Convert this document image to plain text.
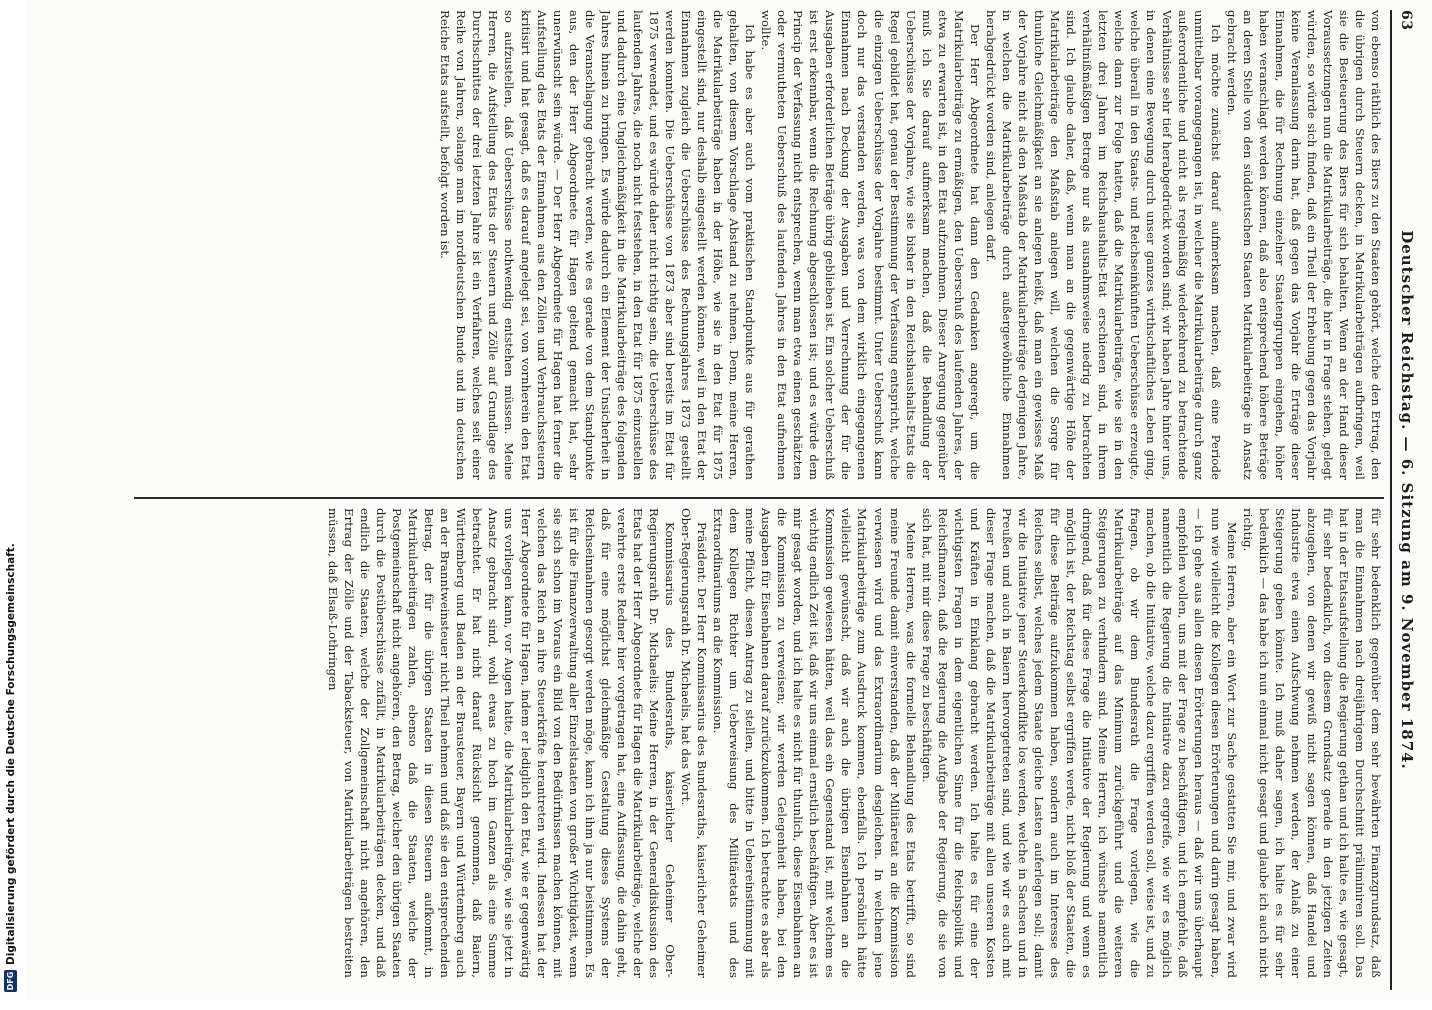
DFG
Digitalisierung gefördert durch die Deutsche Forschungsgemeinschaft.
63
Deutscher Reichstag. — 6. Sitzung am 9. November 1874.

von ebenso räthlich des Biers zu den Staaten gehört, welche den Ertrag, den die übrigen durch Steuern decken, in Matrikularbeiträgen aufbringen, weil sie die Besteuerung des Biers für sich behalten. Wenn an der Hand dieser Voraussetzungen nun die Matrikularbeiträge, die hier in Frage stehen, gelegt würden, so würde sich finden, daß ein Theil der Erhebung gegen das Vorjahr keine Veranlassung darin hat, daß gegen das Vorjahr die Erträge dieser Einnahmen, die für Rechnung einzelner Staatengruppen eingehen, höher haben veranschlagt werden können, daß also entsprechend höhere Beträge an deren Stelle von den süddeutschen Staaten Matrikularbeiträge in Ansatz gebracht werden.

Ich möchte zunächst darauf aufmerksam machen, daß eine Periode unmittelbar vorangegangen ist, in welcher die Matrikularbeiträge durch ganz außerordentliche und nicht als regelmäßig wiederkehrend zu betrachtende Verhältnisse sehr tief herabgedrückt worden sind; wir haben Jahre hinter uns, in denen eine Bewegung durch unser ganzes wirthschaftliches Leben ging, welche überall in den Staats- und Reichseinkünften Ueberschüsse erzeugte, welche dann zur Folge hatten, daß die Matrikularbeiträge, wie sie in den letzten drei Jahren im Reichshaushalts-Etat erschienen sind, in ihrem verhältnißmäßigen Betrage nur als ausnahmsweise niedrig zu betrachten sind. Ich glaube daher, daß, wenn man an die gegenwärtige Höhe der Matrikularbeiträge den Maßstab anlegen will, welchen die Sorge für thunliche Gleichmäßigkeit an sie anlegen heißt, daß man ein gewisses Maß der Vorjahre nicht als den Maßstab der Matrikularbeiträge derjenigen Jahre, in welchen die Matrikularbeiträge durch außergewöhnliche Einnahmen herabgedrückt worden sind, anlegen darf.

Der Herr Abgeordnete hat dann den Gedanken angeregt, um die Matrikularbeiträge zu ermäßigen, den Ueberschuß des laufenden Jahres, der etwa zu erwarten ist, in den Etat aufzunehmen. Dieser Anregung gegenüber muß ich Sie darauf aufmerksam machen, daß die Behandlung der Ueberschüsse der Vorjahre, wie sie bisher in den Reichshaushalts-Etats die Regel gebildet hat, genau der Bestimmung der Verfassung entspricht, welche die einzigen Ueberschüsse der Vorjahre bestimmt. Unter Ueberschuß kann doch nur das verstanden werden, was von dem wirklich eingegangenen Einnahmen nach Deckung der Ausgaben und Verrechnung der für die Ausgaben erforderlichen Beträge übrig geblieben ist. Ein solcher Ueberschuß ist erst erkennbar, wenn die Rechnung abgeschlossen ist; und es würde dem Princip der Verfassung nicht entsprechen, wenn man etwa einen geschätzten oder vermutheten Ueberschuß des laufenden Jahres in den Etat aufnehmen wollte.

Ich habe es aber auch vom praktischen Standpunkte aus für gerathen gehalten, von diesem Vorschlage Abstand zu nehmen. Denn, meine Herren, die Matrikularbeiträge haben in der Höhe, wie sie in den Etat für 1875 eingestellt sind, nur deshalb eingestellt werden können, weil in den Etat der Einnahmen zugleich die Ueberschüsse des Rechnungsjahres 1873 gestellt werden konnten. Die Ueberschüsse von 1873 aber sind bereits im Etat für 1875 verwendet, und es würde daher nicht richtig sein, die Ueberschüsse des laufenden Jahres, die noch nicht feststehen, in den Etat für 1875 einzustellen und dadurch eine Ungleichmäßigkeit in die Matrikularbeiträge des folgenden Jahres hinein zu bringen. Es würde dadurch ein Element der Unsicherheit in die Veranschlagung gebracht werden, wie es gerade von dem Standpunkte aus, den der Herr Abgeordnete für Hagen geltend gemacht hat, sehr unerwünscht sein würde. — Der Herr Abgeordnete für Hagen hat ferner die Aufstellung des Etats der Einnahmen aus den Zöllen und Verbrauchssteuern kritisirt und hat gesagt, daß es darauf angelegt sei, von vornherein den Etat so aufzustellen, daß Ueberschüsse nothwendig entstehen müssen. Meine Herren, die Aufstellung des Etats der Steuern und Zölle auf Grundlage des Durchschnittes der drei letzten Jahre ist ein Verfahren, welches seit einer Reihe von Jahren, solange man im norddeutschen Bunde und im deutschen Reiche Etats aufstellt, befolgt worden ist.

für sehr bedenklich gegenüber dem sehr bewährten Finanzgrundsatz, daß man die Einnahmen nach dreijährigem Durchschnitt präliminiren soll. Das hat in der Etatsaufstellung die Regierung gethan und ich halte es, wie gesagt, für sehr bedenklich, von diesem Grundsatz gerade in den jetzigen Zeiten abzugehen, von denen wir gewiß nicht sagen können, daß Handel und Industrie etwa einen Aufschwung nehmen werden, der Anlaß zu einer Steigerung geben könnte. Ich muß daher sagen, ich halte es für sehr bedenklich — das habe ich nun einmal nicht gesagt und glaube ich auch nicht richtig.

Meine Herren, aber ein Wort zur Sache gestatten Sie mir, und zwar wird nun wie vielleicht die Kollegen diesen Erörterungen und darin gesagt haben, — ich gehe aus allen diesen Erörterungen heraus — daß wir uns überhaupt empfehlen wollen, uns mit der Frage zu beschäftigen, und ich empfehle, daß namentlich die Regierung die Initiative dazu ergreife, wie wir es möglich machen, ob die Initiative, welche dazu ergriffen werden soll, weise ist, und zu fragen, ob wir dem Bundesrath die Frage vorlegen, wie die Matrikularbeiträge auf das Minimum zurückgeführt und die weiteren Steigerungen zu verhindern sind. Meine Herren, ich wünsche namentlich dringend, daß für diese Frage die Initiative der Regierung und wenn es möglich ist, der Reichstag selbst ergriffen werde, nicht bloß der Staaten, die für diese Beiträge aufzukommen haben, sondern auch im Interesse des Reiches selbst, welches jedem Staate gleiche Lasten auferlegen soll; damit wir die Initiative jener Steuerkonflikte los werden, welche in Sachsen und in Preußen und auch in Baiern hervorgetreten sind, und wie wir es auch mit dieser Frage machen, daß die Matrikularbeiträge mit allen unseren Kosten und Kräften in Einklang gebracht werden. Ich halte es für eine der wichtigsten Fragen in dem eigentlichen Sinne für die Reichspolitik und Reichsfinanzen, daß die Regierung die Aufgabe der Regierung, die sie von sich hat, mit mir diese Frage zu beschäftigen.

Meine Herren, was die formelle Behandlung des Etats betrifft, so sind meine Freunde damit einverstanden, daß der Militäretat an die Kommission verwiesen wird und das Extraordinarium desgleichen. In welchem jene Matrikularbeiträge zum Ausdruck kommen, ebenfalls. Ich persönlich hätte vielleicht gewünscht, daß wir auch die übrigen Eisenbahnen an die Kommission gewiesen hätten, weil das ein Gegenstand ist, mit welchem es wichtig endlich Zeit ist, daß wir uns einmal ernstlich beschäftigen. Aber es ist mir gesagt worden, und ich halte es nicht für thunlich, diese Eisenbahnen an die Kommission zu verweisen; wir werden Gelegenheit haben, bei den Ausgaben für Eisenbahnen darauf zurückzukommen. Ich betrachte es aber als meine Pflicht, diesen Antrag zu stellen, und bitte in Uebereinstimmung mit dem Kollegen Richter um Ueberweisung des Militäretats und des Extraordinariums an die Kommission.

Präsident: Der Herr Kommissarius des Bundesraths, kaiserlicher Geheimer Ober-Regierungsrath Dr. Michaelis, hat das Wort.

Kommissarius des Bundesraths, kaiserlicher Geheimer Ober-Regierungsrath Dr. Michaelis: Meine Herren, in der Generaldiskussion des Etats hat der Herr Abgeordnete für Hagen die Matrikularbeiträge, welche der verehrte erste Redner hier vorgetragen hat, eine Auffassung, die dahin geht, daß für eine möglichst gleichmäßige Gestaltung dieses Systems der Reichseinnahmen gesorgt werden möge, kann ich ihm ja nur beistimmen. Es ist für die Finanzverwaltung aller Einzelstaaten von großer Wichtigkeit, wenn sie sich schon im Voraus ein Bild von den Bedürfnissen machen können, mit welchen das Reich an ihre Steuerkräfte herantreten wird. Indessen hat der Herr Abgeordnete für Hagen, indem er lediglich den Etat, wie er gegenwärtig uns vorliegen kann, vor Augen hatte, die Matrikularbeiträge, wie sie jetzt in Ansatz gebracht sind, wohl etwas zu hoch im Ganzen als eine Summe betrachtet. Er hat nicht darauf Rücksicht genommen, daß Baiern, Württemberg und Baden an der Brausteuer, Bayern und Württemberg auch an der Branntweinsteuer nicht Theil nehmen und daß sie den entsprechenden Betrag, der für die übrigen Staaten in diesen Steuern aufkommt, in Matrikularbeiträgen zahlen, ebenso daß die Staaten, welche der Postgemeinschaft nicht angehören, den Betrag, welcher den übrigen Staaten durch die Postüberschüsse zufällt, in Matrikularbeiträgen decken, und daß endlich die Staaten, welche der Zollgemeinschaft nicht angehören, den Ertrag der Zölle und der Tabacksteuer, von Matrikularbeiträgen bestreiten müssen, daß Elsaß-Lothringen
